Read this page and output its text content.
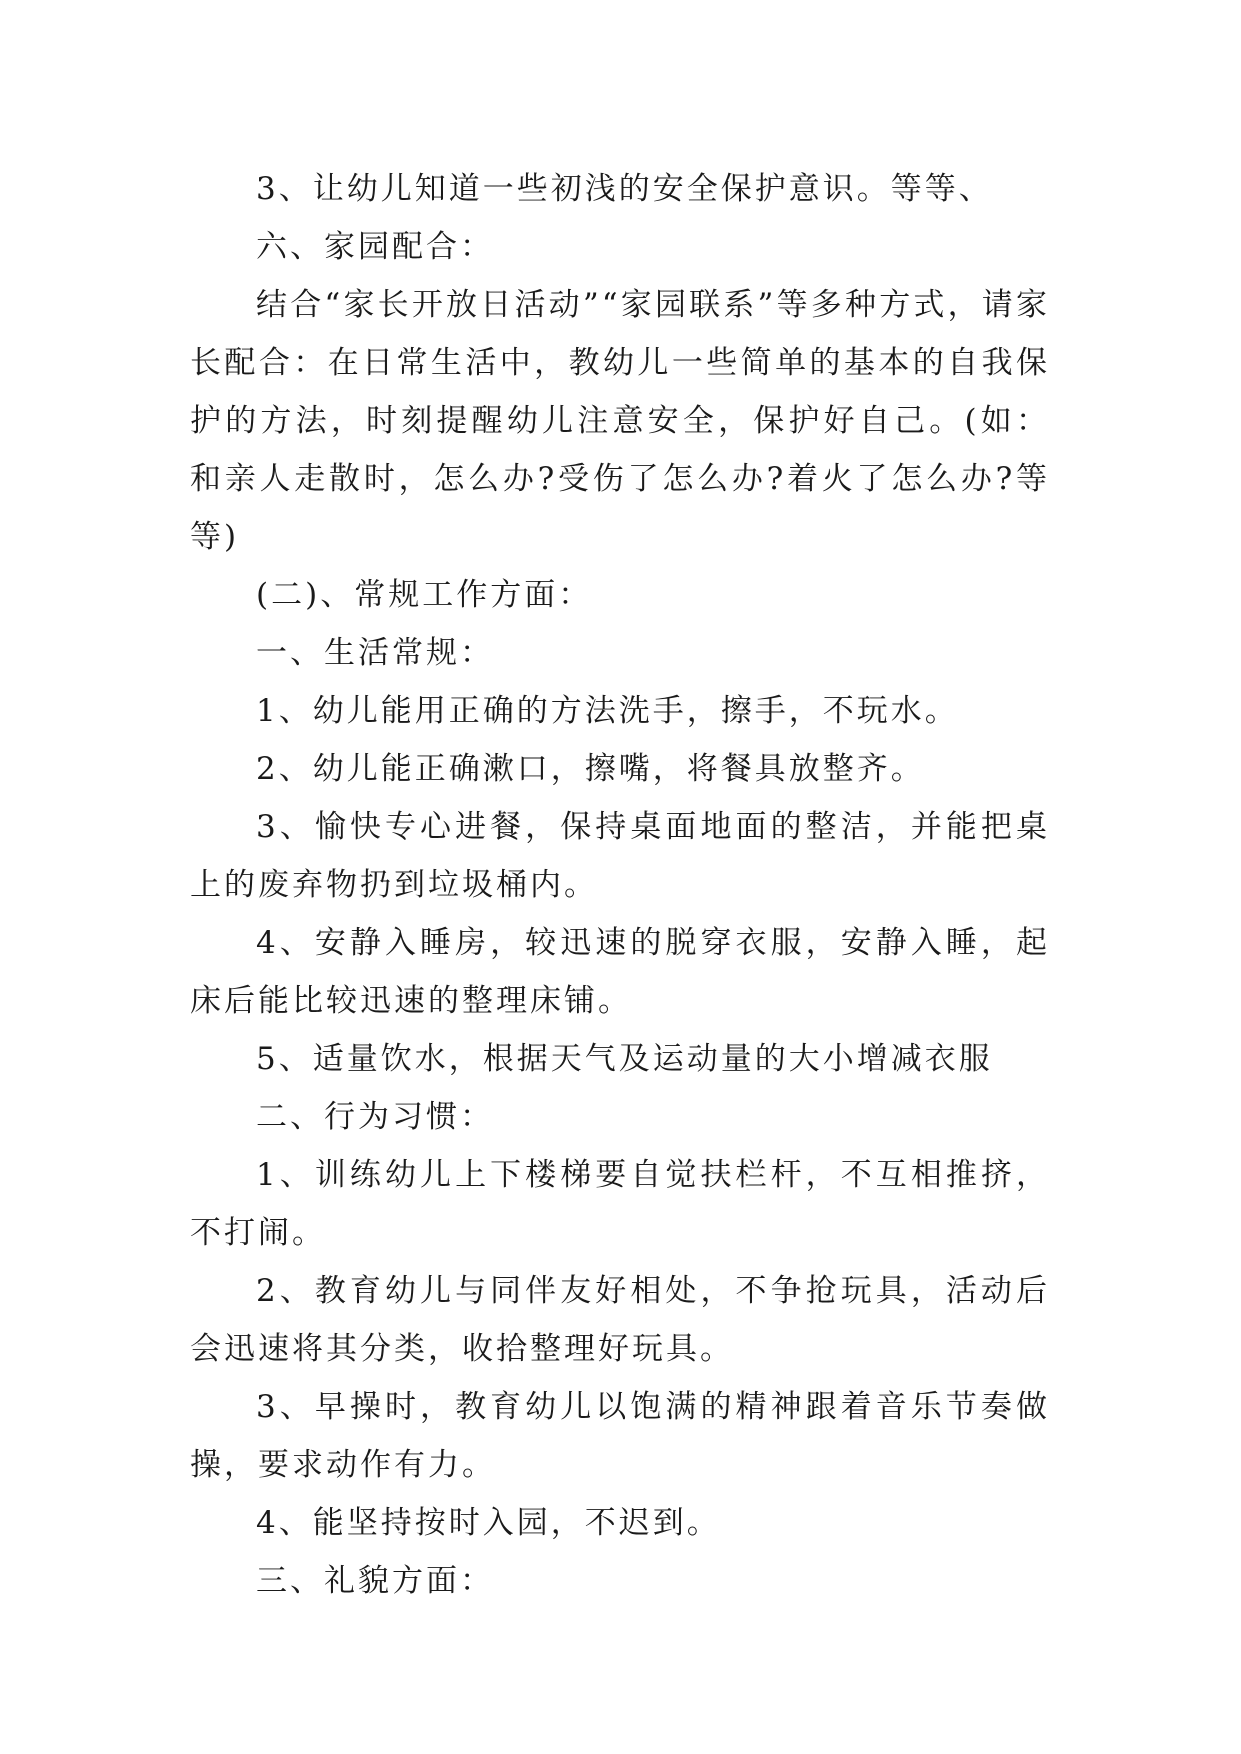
3、让幼儿知道一些初浅的安全保护意识。等等、

六、家园配合：

结合“家长开放日活动”“家园联系”等多种方式，请家长配合：在日常生活中，教幼儿一些简单的基本的自我保护的方法，时刻提醒幼儿注意安全，保护好自己。(如：和亲人走散时，怎么办?受伤了怎么办?着火了怎么办?等等)

(二)、常规工作方面：

一、生活常规：

1、幼儿能用正确的方法洗手，擦手，不玩水。

2、幼儿能正确漱口，擦嘴，将餐具放整齐。

3、愉快专心进餐，保持桌面地面的整洁，并能把桌上的废弃物扔到垃圾桶内。

4、安静入睡房，较迅速的脱穿衣服，安静入睡，起床后能比较迅速的整理床铺。

5、适量饮水，根据天气及运动量的大小增减衣服

二、行为习惯：

1、训练幼儿上下楼梯要自觉扶栏杆，不互相推挤，不打闹。

2、教育幼儿与同伴友好相处，不争抢玩具，活动后会迅速将其分类，收拾整理好玩具。

3、早操时，教育幼儿以饱满的精神跟着音乐节奏做操，要求动作有力。

4、能坚持按时入园，不迟到。

三、礼貌方面：
